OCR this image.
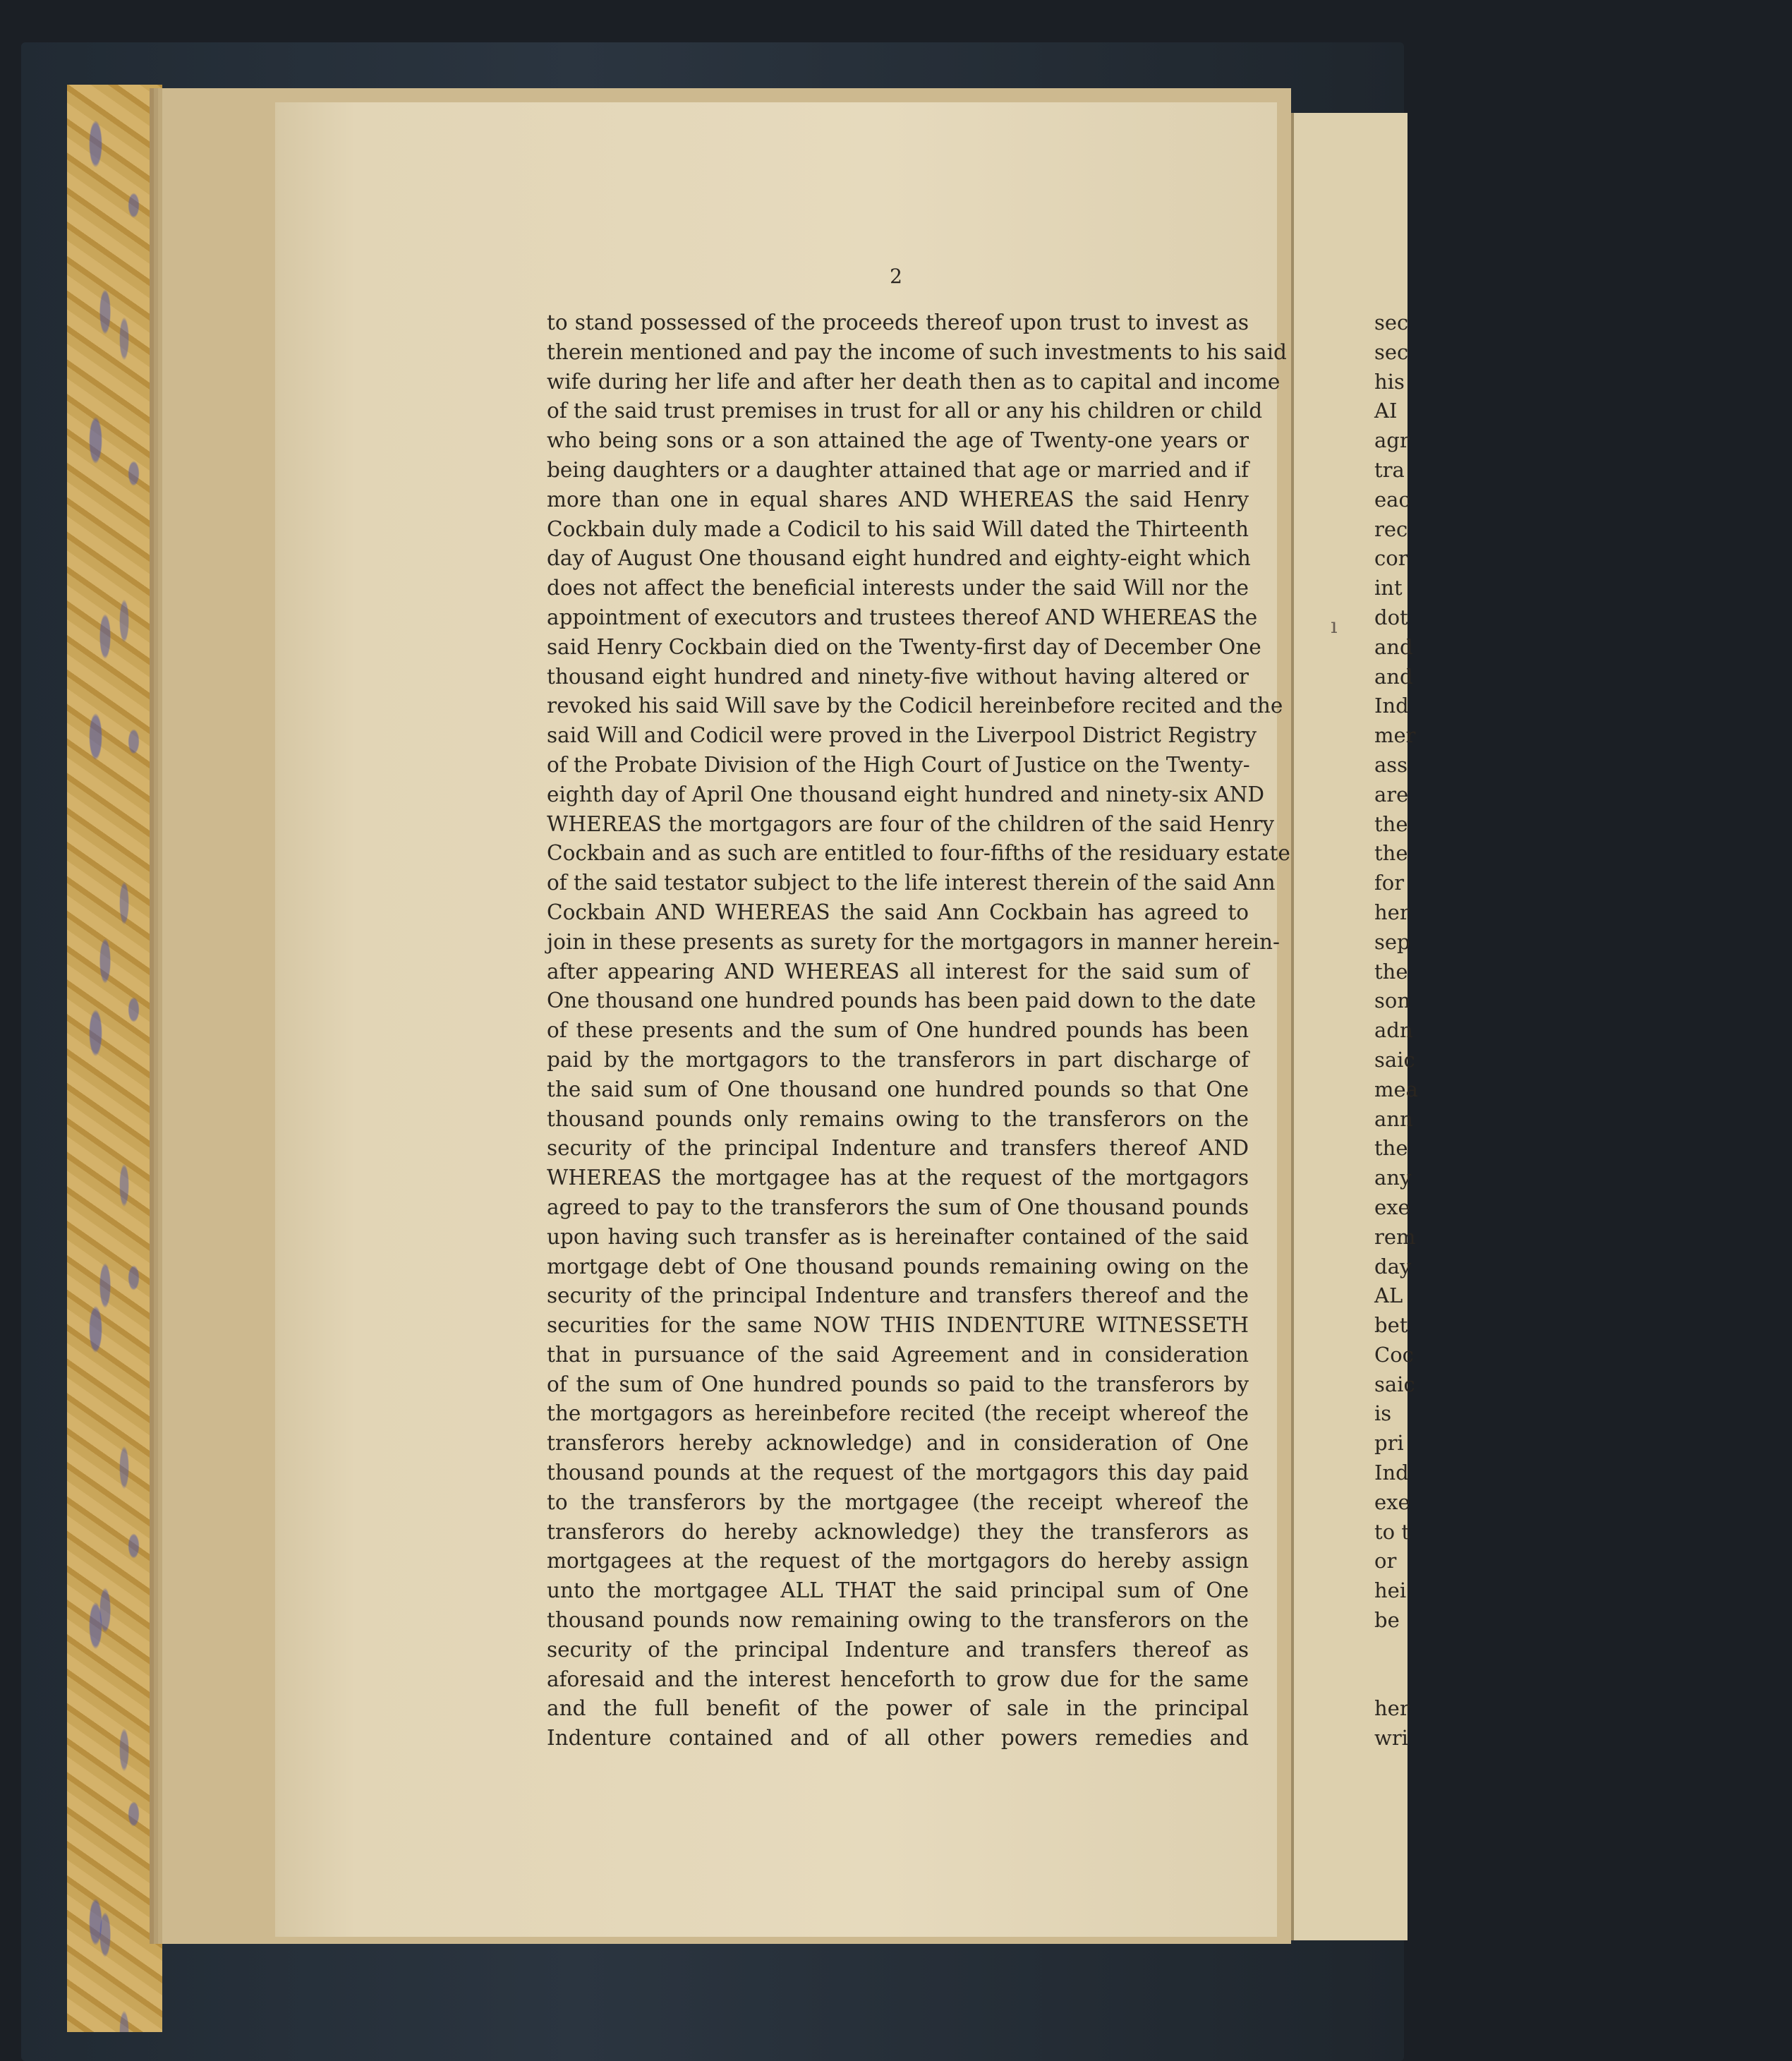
2
to stand possessed of the proceeds thereof upon trust to invest as
therein mentioned and pay the income of such investments to his said
wife during her life and after her death then as to capital and income
of the said trust premises in trust for all or any his children or child
who being sons or a son attained the age of Twenty-one years or
being daughters or a daughter attained that age or married and if
more than one in equal shares AND WHEREAS the said Henry
Cockbain duly made a Codicil to his said Will dated the Thirteenth
day of August One thousand eight hundred and eighty-eight which
does not affect the beneficial interests under the said Will nor the
appointment of executors and trustees thereof AND WHEREAS the
said Henry Cockbain died on the Twenty-first day of December One
thousand eight hundred and ninety-five without having altered or
revoked his said Will save by the Codicil hereinbefore recited and the
said Will and Codicil were proved in the Liverpool District Registry
of the Probate Division of the High Court of Justice on the Twenty-
eighth day of April One thousand eight hundred and ninety-six AND
WHEREAS the mortgagors are four of the children of the said Henry
Cockbain and as such are entitled to four-fifths of the residuary estate
of the said testator subject to the life interest therein of the said Ann
Cockbain AND WHEREAS the said Ann Cockbain has agreed to
join in these presents as surety for the mortgagors in manner herein-
after appearing AND WHEREAS all interest for the said sum of
One thousand one hundred pounds has been paid down to the date
of these presents and the sum of One hundred pounds has been
paid by the mortgagors to the transferors in part discharge of
the said sum of One thousand one hundred pounds so that One
thousand pounds only remains owing to the transferors on the
security of the principal Indenture and transfers thereof AND
WHEREAS the mortgagee has at the request of the mortgagors
agreed to pay to the transferors the sum of One thousand pounds
upon having such transfer as is hereinafter contained of the said
mortgage debt of One thousand pounds remaining owing on the
security of the principal Indenture and transfers thereof and the
securities for the same NOW THIS INDENTURE WITNESSETH
that in pursuance of the said Agreement and in consideration
of the sum of One hundred pounds so paid to the transferors by
the mortgagors as hereinbefore recited (the receipt whereof the
transferors hereby acknowledge) and in consideration of One
thousand pounds at the request of the mortgagors this day paid
to the transferors by the mortgagee (the receipt whereof the
transferors do hereby acknowledge) they the transferors as
mortgagees at the request of the mortgagors do hereby assign
unto the mortgagee ALL THAT the said principal sum of One
thousand pounds now remaining owing to the transferors on the
security of the principal Indenture and transfers thereof as
aforesaid and the interest henceforth to grow due for the same
and the full benefit of the power of sale in the principal
Indenture contained and of all other powers remedies and
ı
sec
sec
his
AI
agr
tra
eac
rec
cor
int
dot
and
and
Ind
mer
ass
are
the
the
for
her
sep
the
son
adn
saic
mea
ann
the
any
exe
rem
day
AL
bet
Coc
saic
is
pri
Ind
exe
to t
or
hei
be

her
wri
